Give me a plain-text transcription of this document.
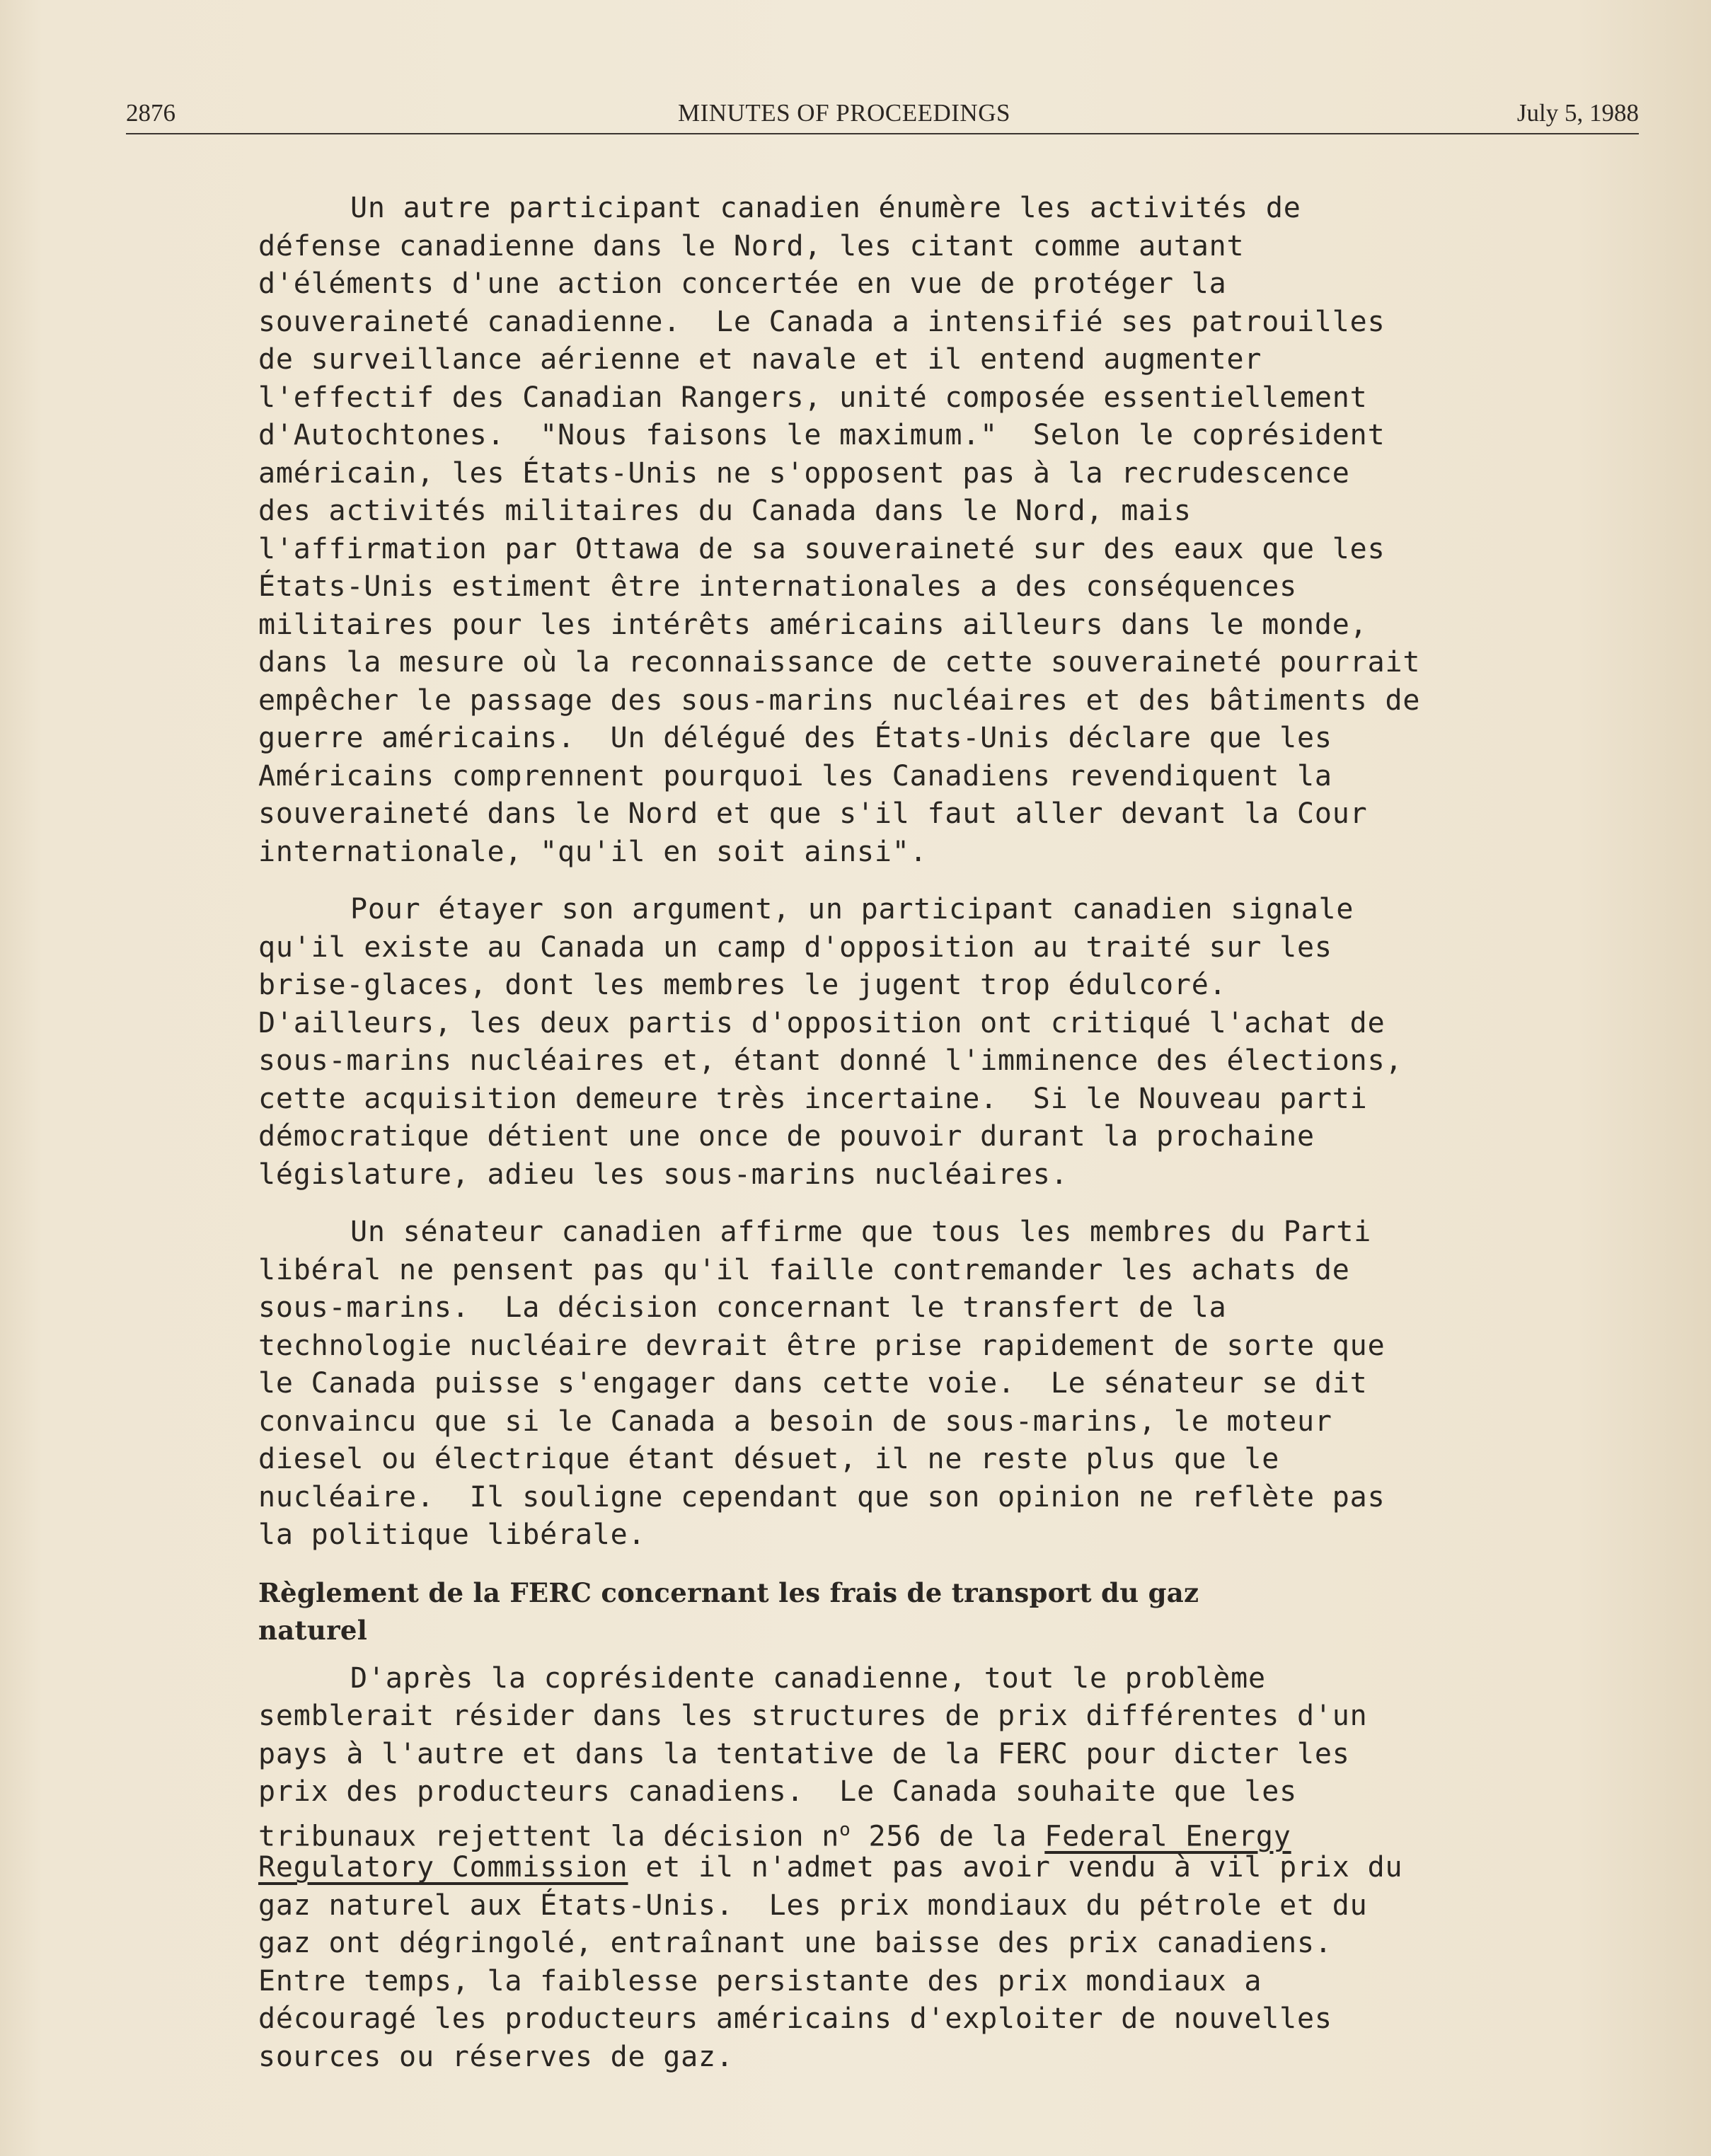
2876	MINUTES OF PROCEEDINGS	July 5, 1988
Un autre participant canadien énumère les activités de
défense canadienne dans le Nord, les citant comme autant
d'éléments d'une action concertée en vue de protéger la
souveraineté canadienne.  Le Canada a intensifié ses patrouilles
de surveillance aérienne et navale et il entend augmenter
l'effectif des Canadian Rangers, unité composée essentiellement
d'Autochtones.  "Nous faisons le maximum."  Selon le coprésident
américain, les États-Unis ne s'opposent pas à la recrudescence
des activités militaires du Canada dans le Nord, mais
l'affirmation par Ottawa de sa souveraineté sur des eaux que les
États-Unis estiment être internationales a des conséquences
militaires pour les intérêts américains ailleurs dans le monde,
dans la mesure où la reconnaissance de cette souveraineté pourrait
empêcher le passage des sous-marins nucléaires et des bâtiments de
guerre américains.  Un délégué des États-Unis déclare que les
Américains comprennent pourquoi les Canadiens revendiquent la
souveraineté dans le Nord et que s'il faut aller devant la Cour
internationale, "qu'il en soit ainsi".
Pour étayer son argument, un participant canadien signale
qu'il existe au Canada un camp d'opposition au traité sur les
brise-glaces, dont les membres le jugent trop édulcoré.
D'ailleurs, les deux partis d'opposition ont critiqué l'achat de
sous-marins nucléaires et, étant donné l'imminence des élections,
cette acquisition demeure très incertaine.  Si le Nouveau parti
démocratique détient une once de pouvoir durant la prochaine
législature, adieu les sous-marins nucléaires.
Un sénateur canadien affirme que tous les membres du Parti
libéral ne pensent pas qu'il faille contremander les achats de
sous-marins.  La décision concernant le transfert de la
technologie nucléaire devrait être prise rapidement de sorte que
le Canada puisse s'engager dans cette voie.  Le sénateur se dit
convaincu que si le Canada a besoin de sous-marins, le moteur
diesel ou électrique étant désuet, il ne reste plus que le
nucléaire.  Il souligne cependant que son opinion ne reflète pas
la politique libérale.
Règlement de la FERC concernant les frais de transport du gaz
naturel
D'après la coprésidente canadienne, tout le problème
semblerait résider dans les structures de prix différentes d'un
pays à l'autre et dans la tentative de la FERC pour dicter les
prix des producteurs canadiens.  Le Canada souhaite que les
tribunaux rejettent la décision $n^o$ 256 de la Federal Energy
Regulatory Commission et il n'admet pas avoir vendu à vil prix du
gaz naturel aux États-Unis.  Les prix mondiaux du pétrole et du
gaz ont dégringolé, entraînant une baisse des prix canadiens.
Entre temps, la faiblesse persistante des prix mondiaux a
découragé les producteurs américains d'exploiter de nouvelles
sources ou réserves de gaz.
